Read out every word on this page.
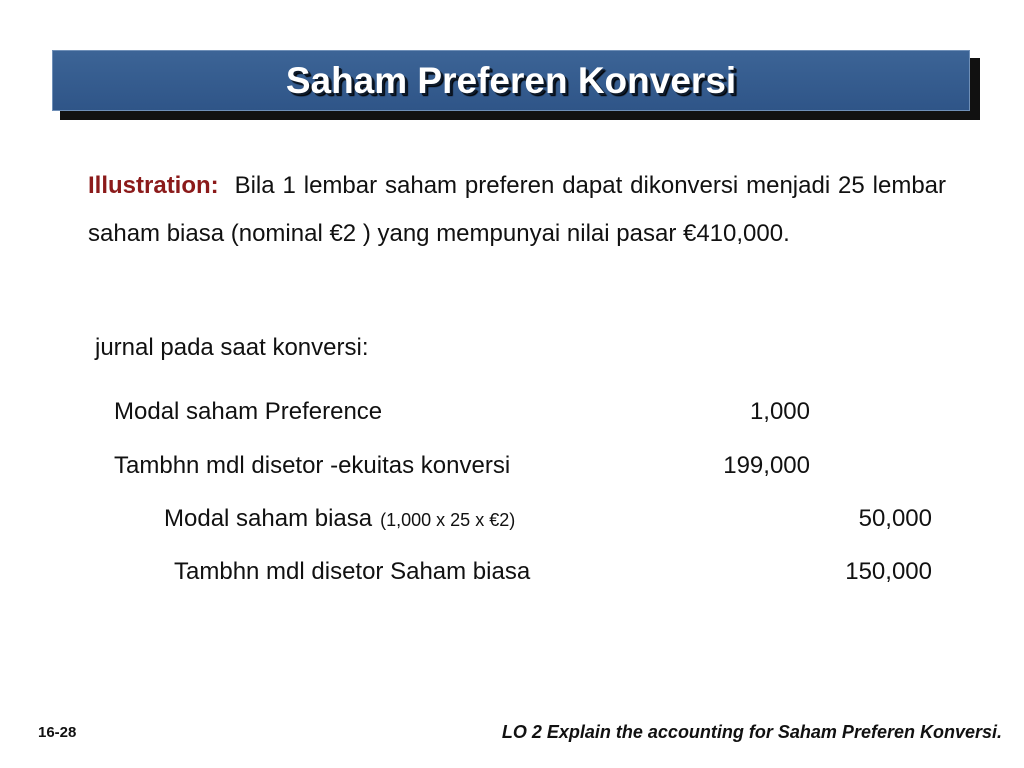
Saham Preferen Konversi
Illustration: Bila 1 lembar saham preferen dapat dikonversi menjadi 25 lembar saham biasa (nominal €2 ) yang mempunyai nilai pasar €410,000.
jurnal pada saat konversi:
Modal saham Preference	1,000
Tambhn mdl disetor -ekuitas konversi	199,000
Modal saham biasa (1,000 x 25 x €2)	50,000
Tambhn mdl disetor Saham biasa	150,000
16-28	LO 2 Explain the accounting for Saham Preferen Konversi.
